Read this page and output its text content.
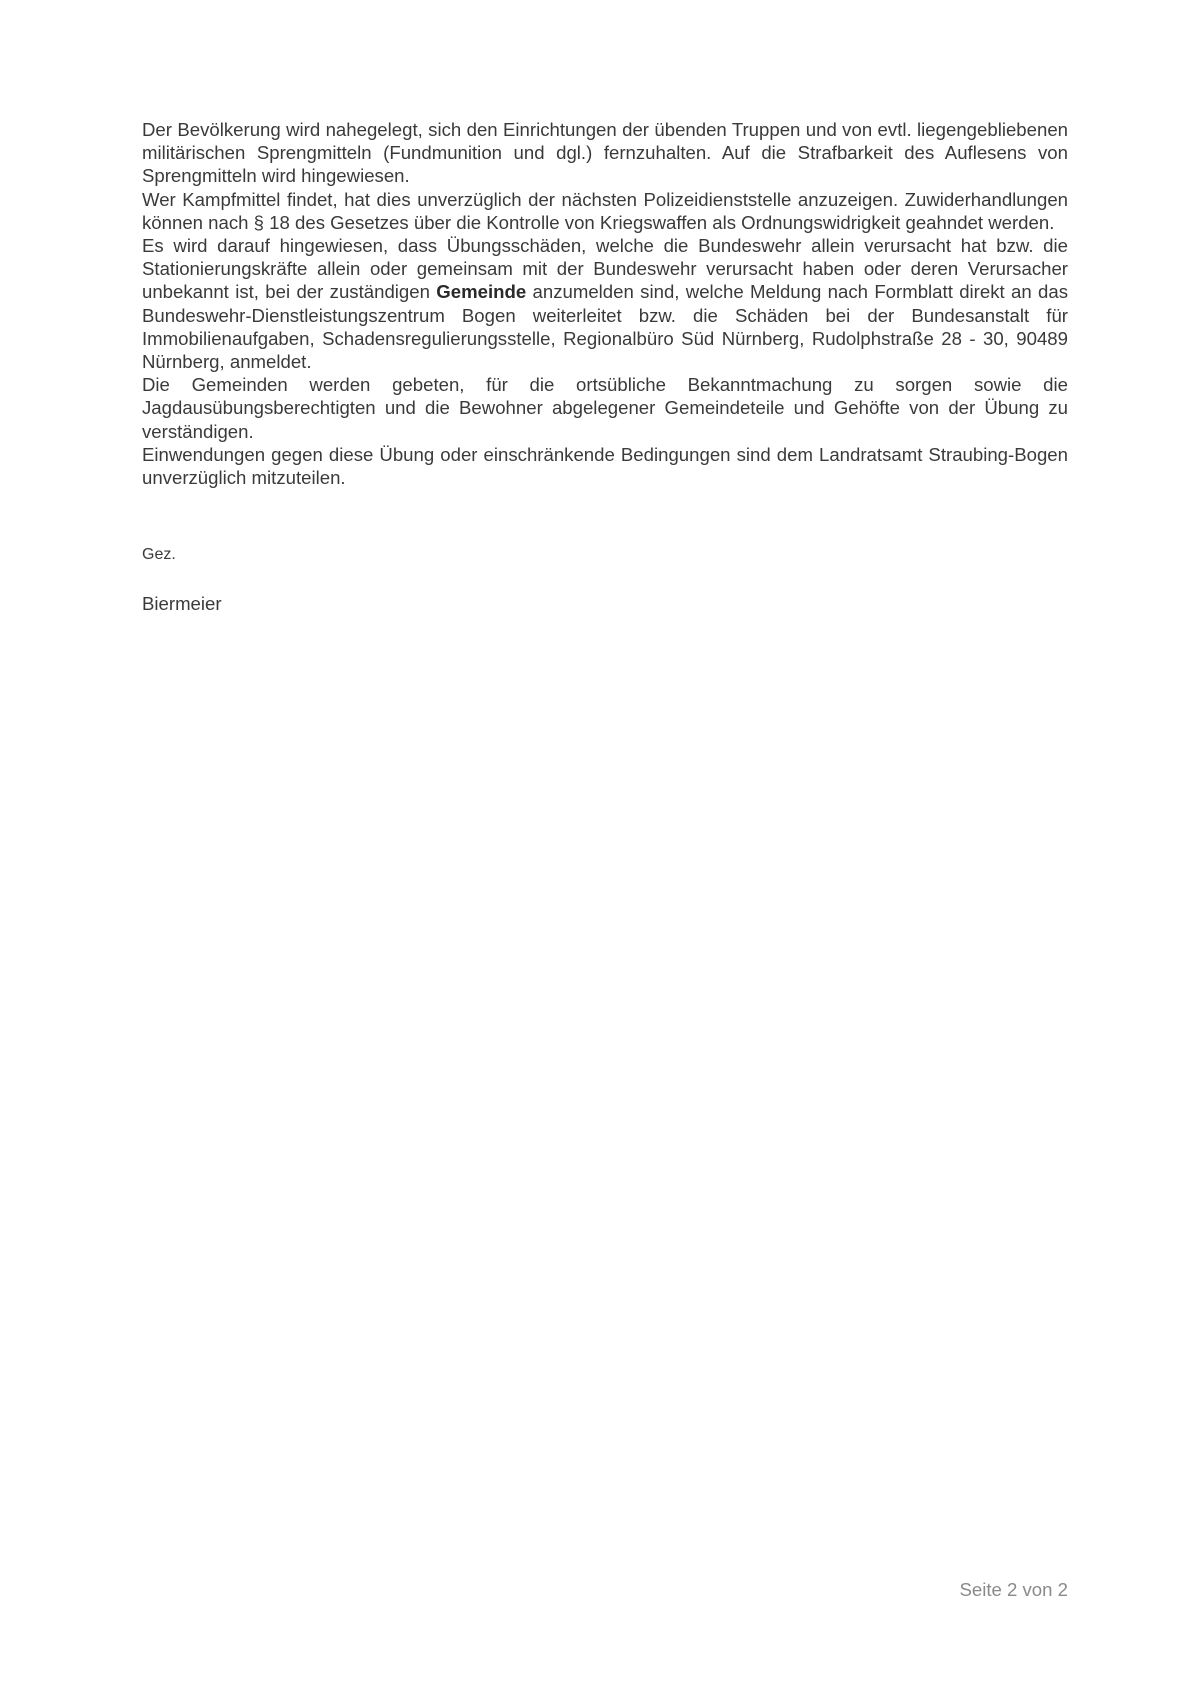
Der Bevölkerung wird nahegelegt, sich den Einrichtungen der übenden Truppen und von evtl. liegengebliebenen militärischen Sprengmitteln (Fundmunition und dgl.) fernzuhalten. Auf die Strafbarkeit des Auflesens von Sprengmitteln wird hingewiesen.

Wer Kampfmittel findet, hat dies unverzüglich der nächsten Polizeidienststelle anzuzeigen. Zuwiderhandlungen können nach § 18 des Gesetzes über die Kontrolle von Kriegswaffen als Ordnungswidrigkeit geahndet werden.

Es wird darauf hingewiesen, dass Übungsschäden, welche die Bundeswehr allein verursacht hat bzw. die Stationierungskräfte allein oder gemeinsam mit der Bundeswehr verursacht haben oder deren Verursacher unbekannt ist, bei der zuständigen Gemeinde anzumelden sind, welche Meldung nach Formblatt direkt an das Bundeswehr-Dienstleistungszentrum Bogen weiterleitet bzw. die Schäden bei der Bundesanstalt für Immobilienaufgaben, Schadensregulierungsstelle, Regionalbüro Süd Nürnberg, Rudolphstraße 28 - 30, 90489 Nürnberg, anmeldet.

Die Gemeinden werden gebeten, für die ortsübliche Bekanntmachung zu sorgen sowie die Jagdausübungsberechtigten und die Bewohner abgelegener Gemeindeteile und Gehöfte von der Übung zu verständigen.

Einwendungen gegen diese Übung oder einschränkende Bedingungen sind dem Landratsamt Straubing-Bogen unverzüglich mitzuteilen.

Gez.
Biermeier
Seite 2 von 2
